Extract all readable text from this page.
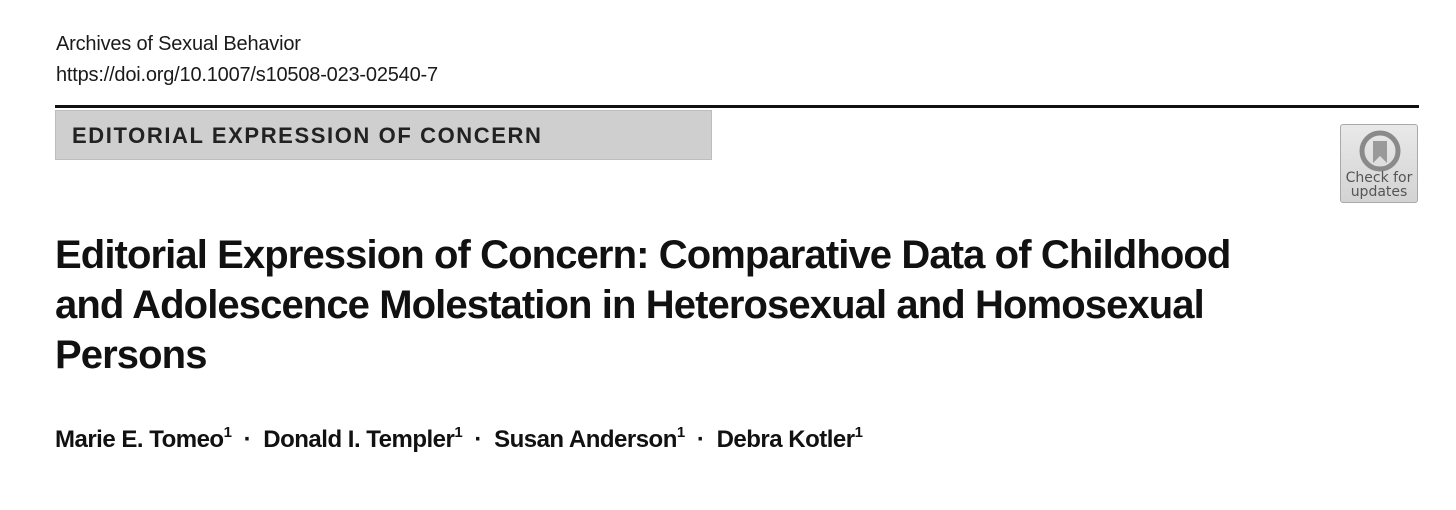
Archives of Sexual Behavior
https://doi.org/10.1007/s10508-023-02540-7
EDITORIAL EXPRESSION OF CONCERN
Check for
updates
Editorial Expression of Concern: Comparative Data of Childhood and Adolescence Molestation in Heterosexual and Homosexual Persons
Marie E. Tomeo$^1$ · Donald I. Templer$^1$ · Susan Anderson$^1$ · Debra Kotler$^1$
